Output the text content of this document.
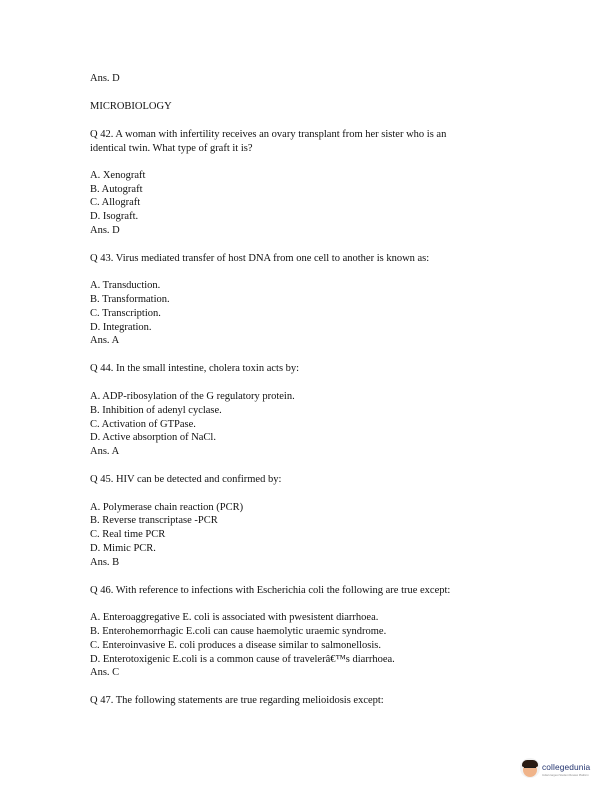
Ans. D
MICROBIOLOGY
Q 42. A woman with infertility receives an ovary transplant from her sister who is an
identical twin. What type of graft it is?
A. Xenograft
B. Autograft
C. Allograft
D. Isograft.
Ans. D
Q 43. Virus mediated transfer of host DNA from one cell to another is known as:
A. Transduction.
B. Transformation.
C. Transcription.
D. Integration.
Ans. A
Q 44. In the small intestine, cholera toxin acts by:
A. ADP-ribosylation of the G regulatory protein.
B. Inhibition of adenyl cyclase.
C. Activation of GTPase.
D. Active absorption of NaCl.
Ans. A
Q 45. HIV can be detected and confirmed by:
A. Polymerase chain reaction (PCR)
B. Reverse transcriptase -PCR
C. Real time PCR
D. Mimic PCR.
Ans. B
Q 46. With reference to infections with Escherichia coli the following are true except:
A. Enteroaggregative E. coli is associated with pwesistent diarrhoea.
B. Enterohemorrhagic E.coli can cause haemolytic uraemic syndrome.
C. Enteroinvasive E. coli produces a disease similar to salmonellosis.
D. Enterotoxigenic E.coli is a common cause of travelerâ€™s diarrhoea.
Ans. C
Q 47. The following statements are true regarding melioidosis except:
collegedunia
India's largest Student Review Platform
